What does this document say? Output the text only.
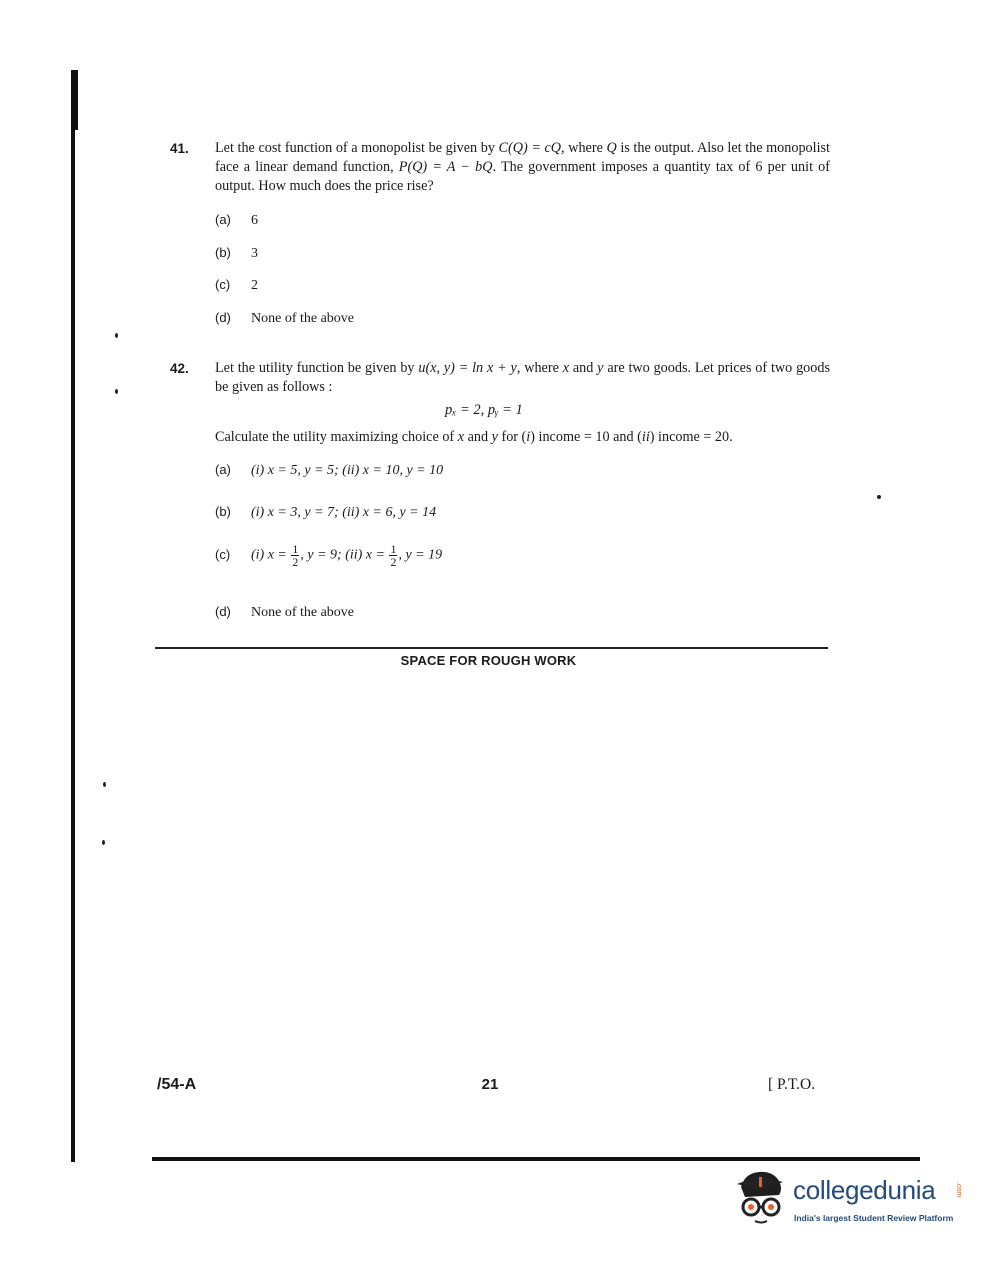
41. Let the cost function of a monopolist be given by C(Q) = cQ, where Q is the output. Also let the monopolist face a linear demand function, P(Q) = A − bQ. The government imposes a quantity tax of 6 per unit of output. How much does the price rise?
(a) 6
(b) 3
(c) 2
(d) None of the above
42. Let the utility function be given by u(x, y) = ln x + y, where x and y are two goods. Let prices of two goods be given as follows :
pₓ = 2, pᵧ = 1
Calculate the utility maximizing choice of x and y for (i) income = 10 and (ii) income = 20.
(a) (i) x = 5, y = 5; (ii) x = 10, y = 10
(b) (i) x = 3, y = 7; (ii) x = 6, y = 14
(c) (i) $x = \frac{1}{2}$ , y = 9; (ii) $x = \frac{1}{2}$ , y = 19
(d) None of the above
SPACE FOR ROUGH WORK
/54-A	21	[ P.T.O.
collegedunia	.com
India's largest Student Review Platform
